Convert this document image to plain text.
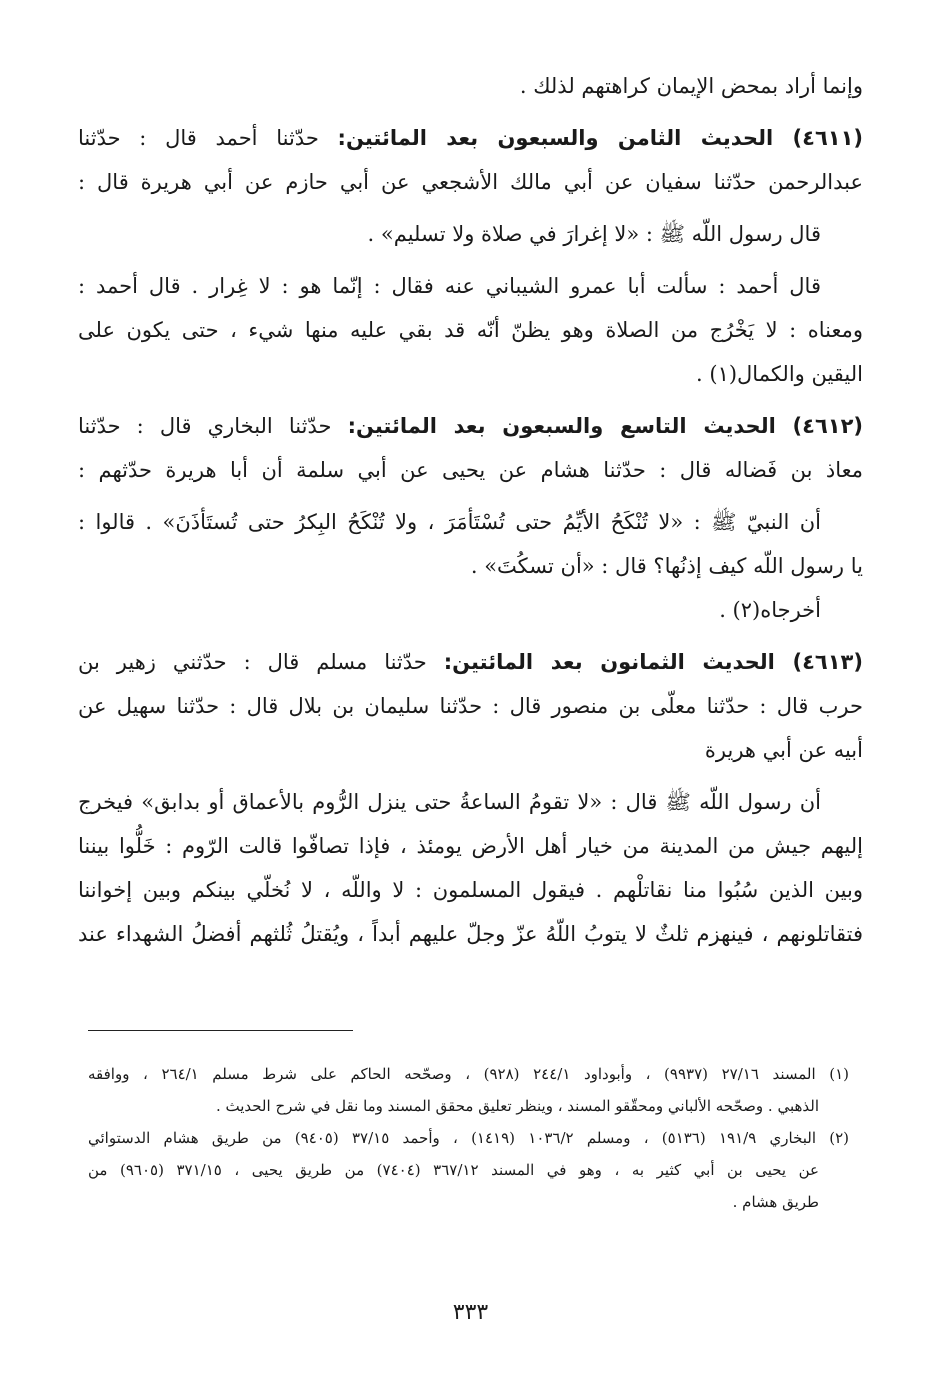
وإنما أراد بمحض الإيمان كراهتهم لذلك .
(٤٦١١) الحديث الثامن والسبعون بعد المائتين: حدّثنا أحمد قال : حدّثنا
عبدالرحمن حدّثنا سفيان عن أبي مالك الأشجعي عن أبي حازم عن أبي هريرة قال :
قال رسول اللّه ﷺ : «لا إغرارَ في صلاة ولا تسليم» .
قال أحمد : سألت أبا عمرو الشيباني عنه فقال : إنّما هو : لا غِرار . قال أحمد :
ومعناه : لا يَخْرُج من الصلاة وهو يظنّ أنّه قد بقي عليه منها شيء ، حتى يكون على
اليقين والكمال(١) .
(٤٦١٢) الحديث التاسع والسبعون بعد المائتين: حدّثنا البخاري قال : حدّثنا
معاذ بن فَضاله قال : حدّثنا هشام عن يحيى عن أبي سلمة أن أبا هريرة حدّثهم :
أن النبيّ ﷺ : «لا تُنْكَحُ الأيِّمُ حتى تُسْتَأمَرَ ، ولا تُنْكَحُ البِكرُ حتى تُستَأذَنَ» . قالوا :
يا رسول اللّه كيف إذنُها؟ قال : «أن تسكُتَ» .
أخرجاه(٢) .
(٤٦١٣) الحديث الثمانون بعد المائتين: حدّثنا مسلم قال : حدّثني زهير بن
حرب قال : حدّثنا معلّى بن منصور قال : حدّثنا سليمان بن بلال قال : حدّثنا سهيل عن
أبيه عن أبي هريرة
أن رسول اللّه ﷺ قال : «لا تقومُ الساعةُ حتى ينزل الرُّوم بالأعماق أو بدابق» فيخرج
إليهم جيش من المدينة من خيار أهل الأرض يومئذ ، فإذا تصافّوا قالت الرّوم : خَلُّوا بيننا
وبين الذين سُبُوا منا نقاتلْهم . فيقول المسلمون : لا واللّه ، لا نُخلّي بينكم وبين إخواننا
فتقاتلونهم ، فينهزم ثلثٌ لا يتوبُ اللّهُ عزّ وجلّ عليهم أبداً ، ويُقتلُ ثُلثهم أفضلُ الشهداء عند
(١) المسند ٢٧/١٦ (٩٩٣٧) ، وأبوداود ٢٤٤/١ (٩٢٨) ، وصحّحه الحاكم على شرط مسلم ٢٦٤/١ ، ووافقه
الذهبي . وصحّحه الألباني ومحقّقو المسند ، وينظر تعليق محقق المسند وما نقل في شرح الحديث .
(٢) البخاري ١٩١/٩ (٥١٣٦) ، ومسلم ١٠٣٦/٢ (١٤١٩) ، وأحمد ٣٧/١٥ (٩٤٠٥) من طريق هشام الدستوائي
عن يحيى بن أبي كثير به ، وهو في المسند ٣٦٧/١٢ (٧٤٠٤) من طريق يحيى ، ٣٧١/١٥ (٩٦٠٥) من
طريق هشام .
٣٣٣
